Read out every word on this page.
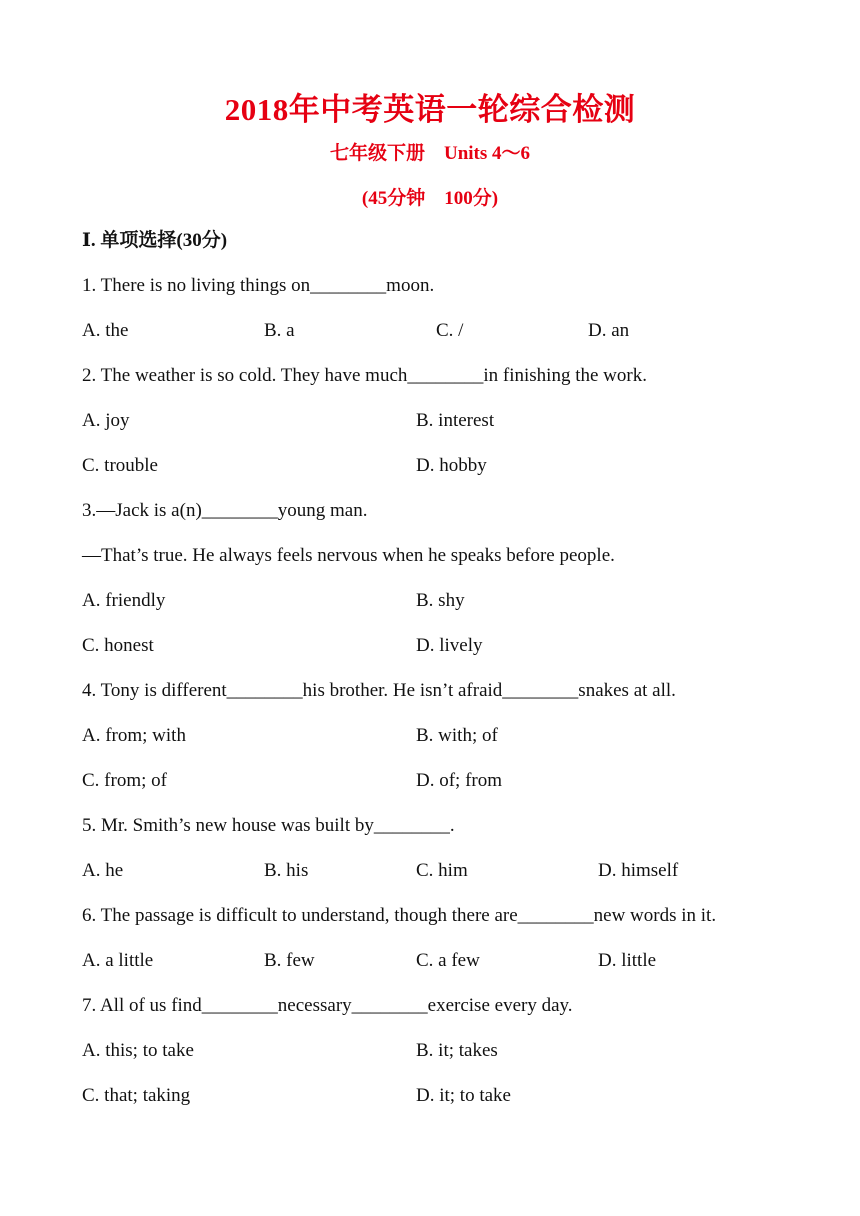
2018年中考英语一轮综合检测
七年级下册　Units 4～6
(45分钟　100分)
Ⅰ. 单项选择(30分)
1. There is no living things on________moon.
A. the	B. a	C. /	D. an
2. The weather is so cold. They have much________in finishing the work.
A. joy	B. interest
C. trouble	D. hobby
3.—Jack is a(n)________young man.
—That’s true. He always feels nervous when he speaks before people.
A. friendly	B. shy
C. honest	D. lively
4. Tony is different________his brother. He isn’t afraid________snakes at all.
A. from; with	B. with; of
C. from; of	D. of; from
5. Mr. Smith’s new house was built by________.
A. he	B. his	C. him	D. himself
6. The passage is difficult to understand, though there are________new words in it.
A. a little	B. few	C. a few	D. little
7. All of us find________necessary________exercise every day.
A. this; to take	B. it; takes
C. that; taking	D. it; to take
